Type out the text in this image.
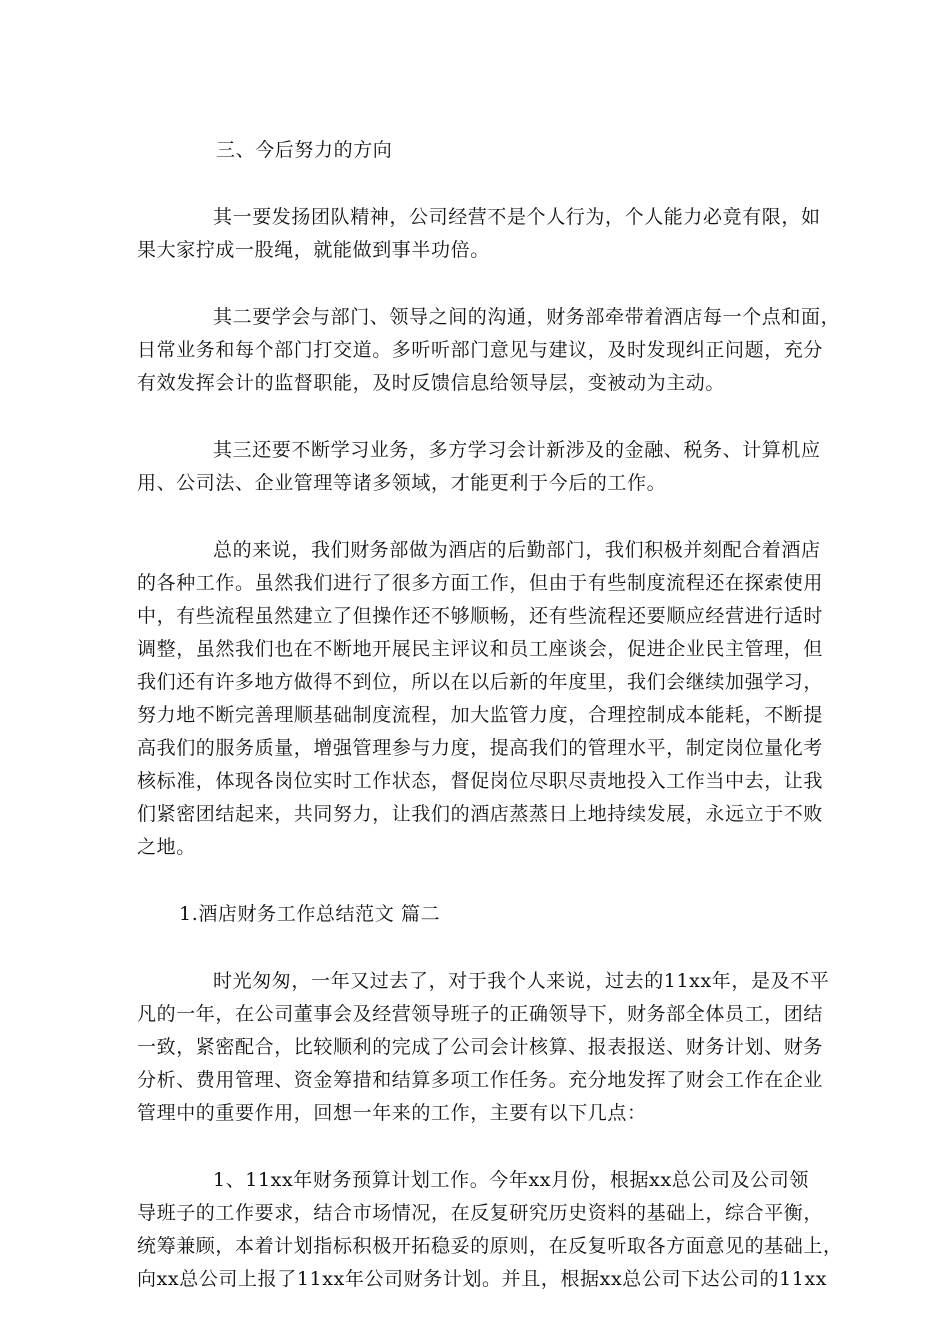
三、今后努力的方向
其一要发扬团队精神，公司经营不是个人行为，个人能力必竟有限，如
果大家拧成一股绳，就能做到事半功倍。
其二要学会与部门、领导之间的沟通，财务部牵带着酒店每一个点和面，
日常业务和每个部门打交道。多听听部门意见与建议，及时发现纠正问题，充分
有效发挥会计的监督职能，及时反馈信息给领导层，变被动为主动。
其三还要不断学习业务，多方学习会计新涉及的金融、税务、计算机应
用、公司法、企业管理等诸多领域，才能更利于今后的工作。
总的来说，我们财务部做为酒店的后勤部门，我们积极并刻配合着酒店
的各种工作。虽然我们进行了很多方面工作，但由于有些制度流程还在探索使用
中，有些流程虽然建立了但操作还不够顺畅，还有些流程还要顺应经营进行适时
调整，虽然我们也在不断地开展民主评议和员工座谈会，促进企业民主管理，但
我们还有许多地方做得不到位，所以在以后新的年度里，我们会继续加强学习，
努力地不断完善理顺基础制度流程，加大监管力度，合理控制成本能耗，不断提
高我们的服务质量，增强管理参与力度，提高我们的管理水平，制定岗位量化考
核标准，体现各岗位实时工作状态，督促岗位尽职尽责地投入工作当中去，让我
们紧密团结起来，共同努力，让我们的酒店蒸蒸日上地持续发展，永远立于不败
之地。
1.酒店财务工作总结范文 篇二
时光匆匆，一年又过去了，对于我个人来说，过去的11xx年，是及不平
凡的一年，在公司董事会及经营领导班子的正确领导下，财务部全体员工，团结
一致，紧密配合，比较顺利的完成了公司会计核算、报表报送、财务计划、财务
分析、费用管理、资金筹措和结算多项工作任务。充分地发挥了财会工作在企业
管理中的重要作用，回想一年来的工作，主要有以下几点：
1、11xx年财务预算计划工作。今年xx月份，根据xx总公司及公司领
导班子的工作要求，结合市场情况，在反复研究历史资料的基础上，综合平衡，
统筹兼顾，本着计划指标积极开拓稳妥的原则，在反复听取各方面意见的基础上，
向xx总公司上报了11xx年公司财务计划。并且，根据xx总公司下达公司的11xx
